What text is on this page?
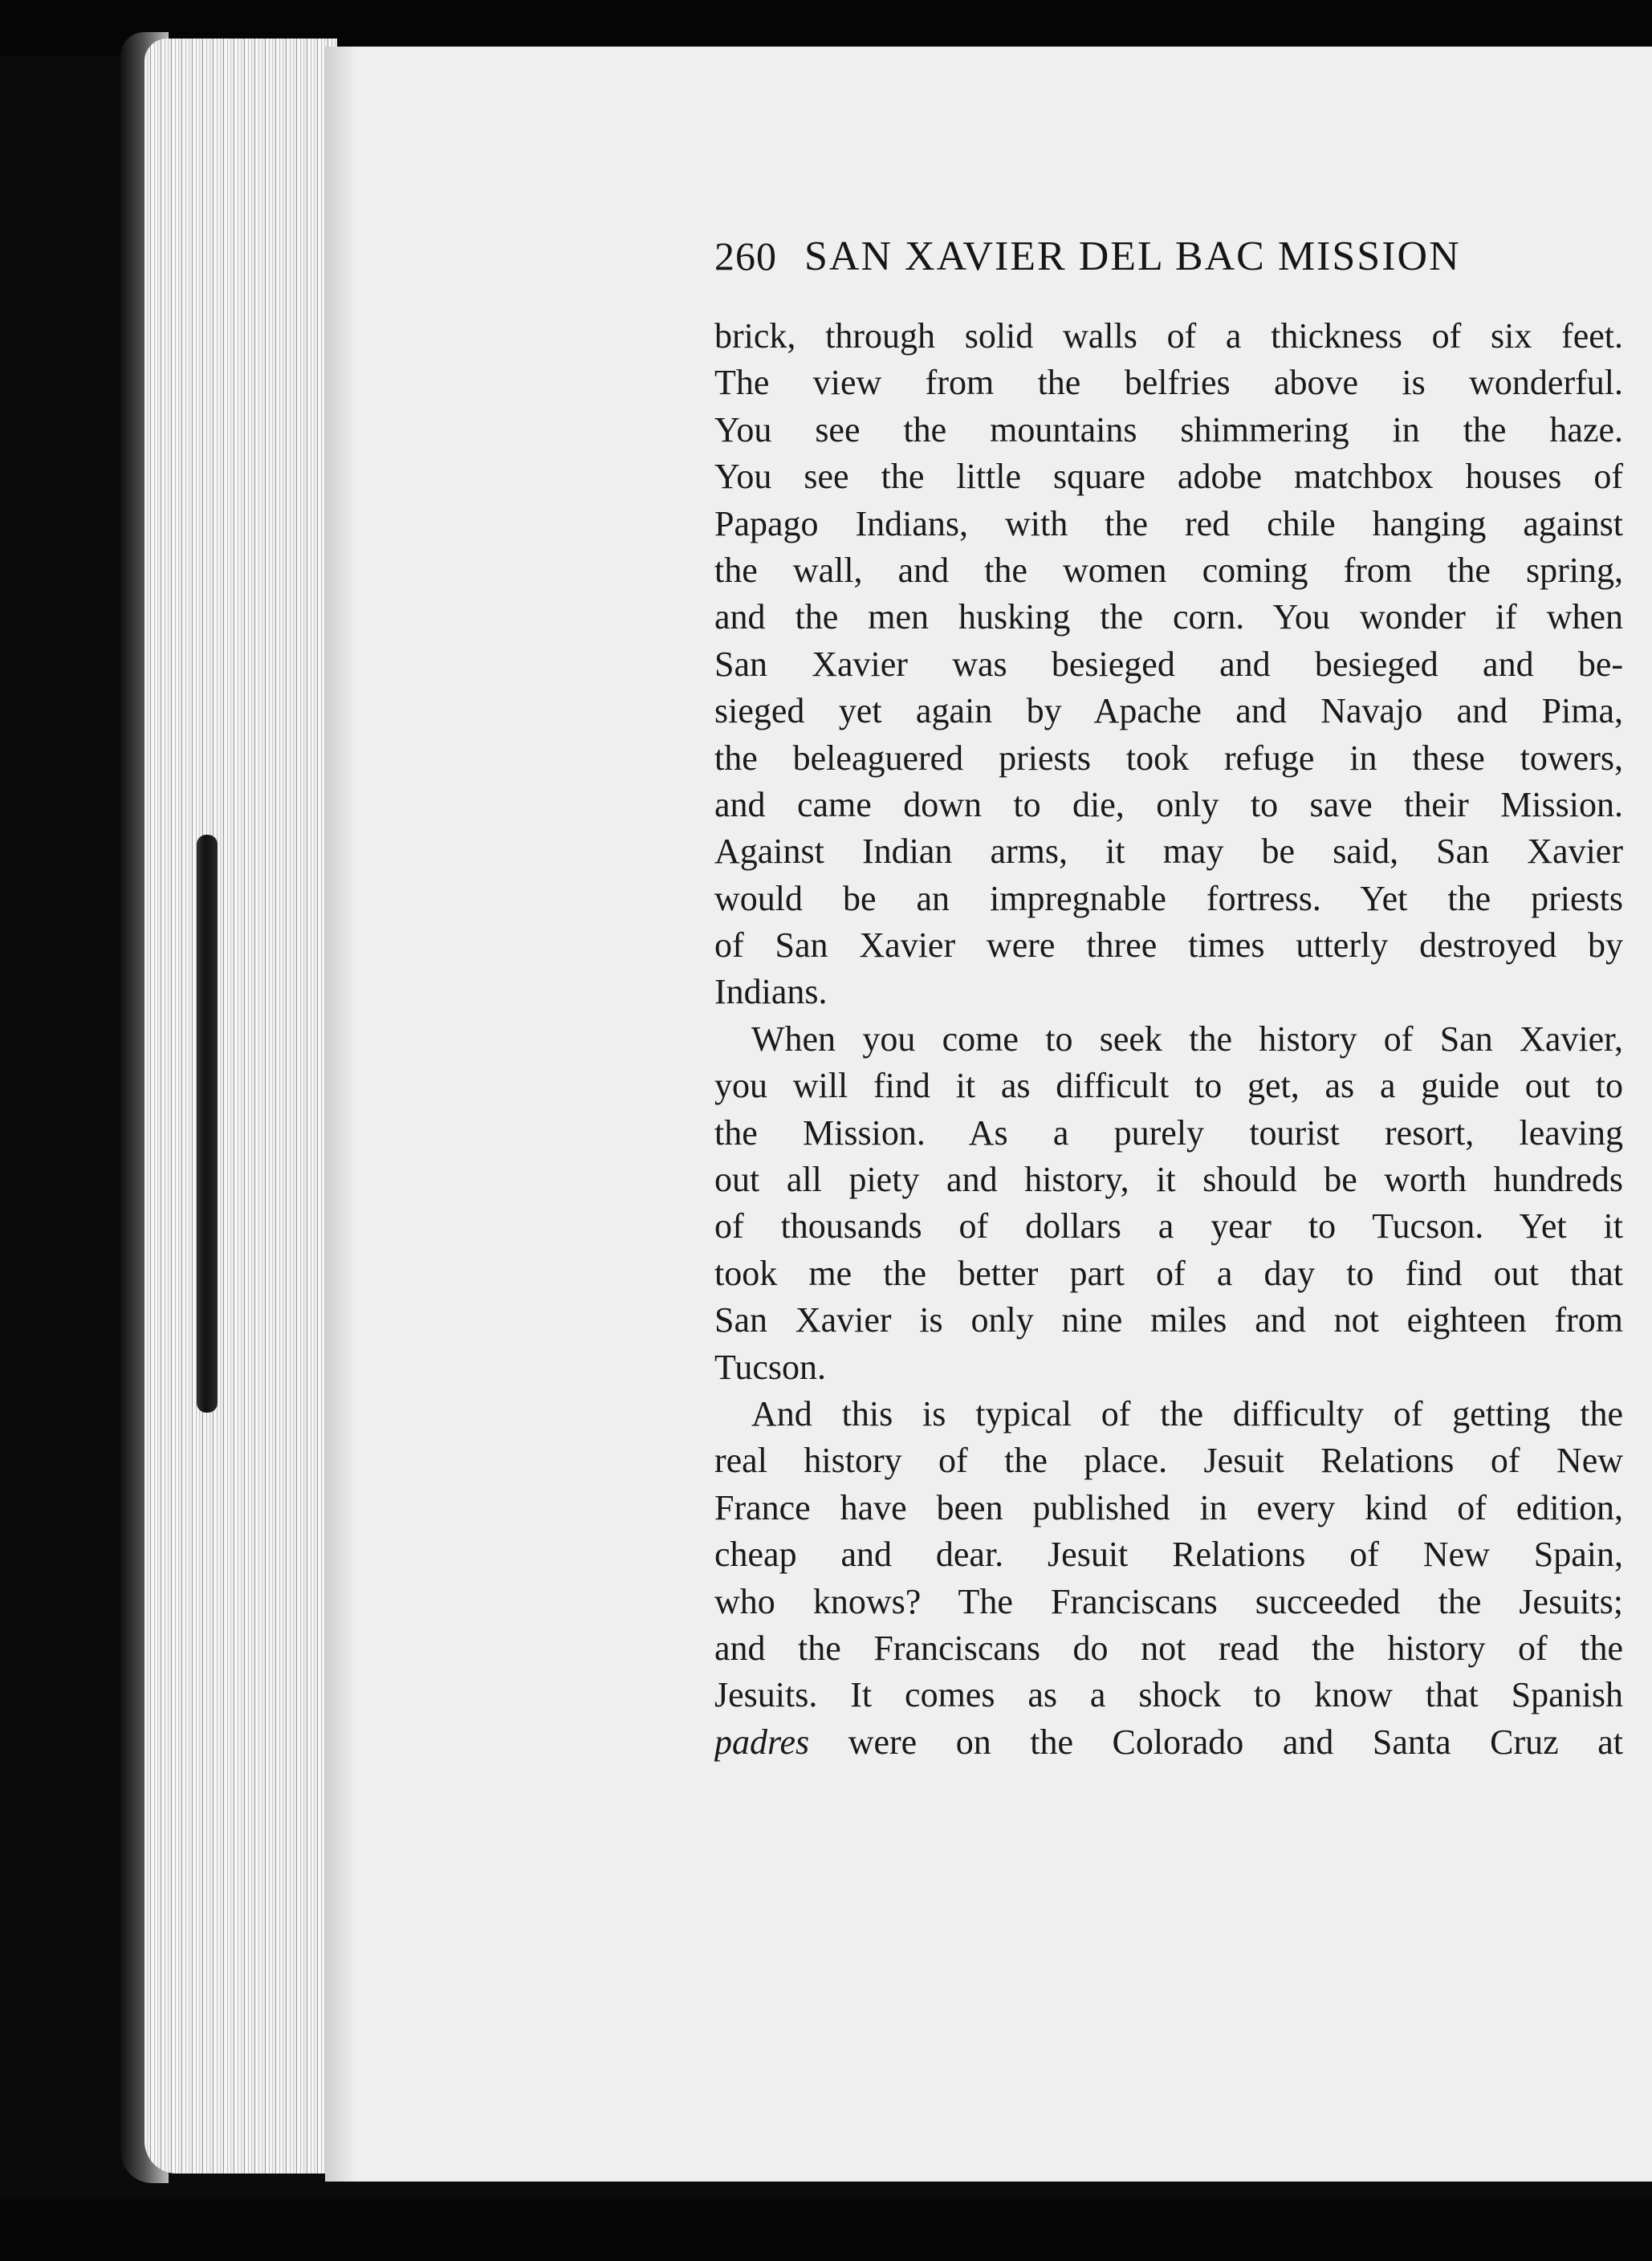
260 SAN XAVIER DEL BAC MISSION
brick, through solid walls of a thickness of six feet.
The view from the belfries above is wonderful.
You see the mountains shimmering in the haze.
You see the little square adobe matchbox houses of
Papago Indians, with the red chile hanging against
the wall, and the women coming from the spring,
and the men husking the corn. You wonder if when
San Xavier was besieged and besieged and be-
sieged yet again by Apache and Navajo and Pima,
the beleaguered priests took refuge in these towers,
and came down to die, only to save their Mission.
Against Indian arms, it may be said, San Xavier
would be an impregnable fortress. Yet the priests
of San Xavier were three times utterly destroyed by
Indians.
When you come to seek the history of San Xavier,
you will find it as difficult to get, as a guide out to
the Mission. As a purely tourist resort, leaving
out all piety and history, it should be worth hundreds
of thousands of dollars a year to Tucson. Yet it
took me the better part of a day to find out that
San Xavier is only nine miles and not eighteen from
Tucson.
And this is typical of the difficulty of getting the
real history of the place. Jesuit Relations of New
France have been published in every kind of edition,
cheap and dear. Jesuit Relations of New Spain,
who knows? The Franciscans succeeded the Jesuits;
and the Franciscans do not read the history of the
Jesuits. It comes as a shock to know that Spanish
padres were on the Colorado and Santa Cruz at
